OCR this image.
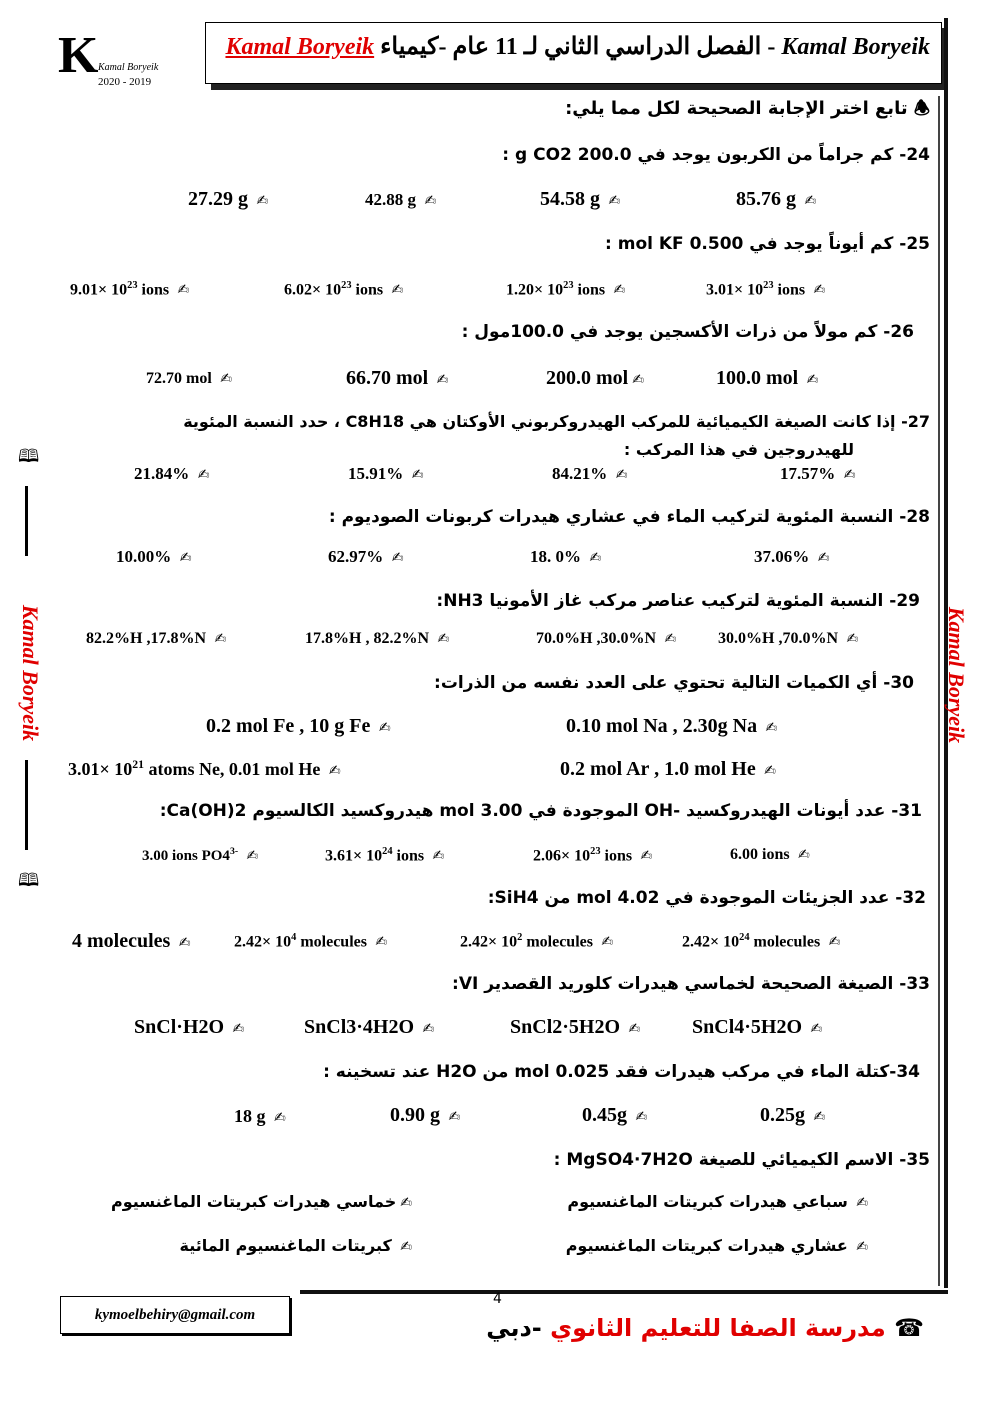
Kamal Boryeik - الفصل الدراسي الثاني لـ 11 عام -كيمياء Kamal Boryeik
K Kamal Boryeik
2020 - 2019
🕮
Kamal Boryeik
🕮
Kamal Boryeik
🕭 تابع اختر الإجابة الصحيحة لكل مما يلي:
24- كم جراماً من الكربون يوجد في 200.0 g CO2 :
85.76 g ✍
54.58 g ✍
42.88 g ✍
27.29 g ✍
25- كم أيوناً يوجد في 0.500 mol KF :
$3.01\times 10^{23}$ ions ✍
$1.20\times 10^{23}$ ions ✍
$6.02\times 10^{23}$ ions ✍
$9.01\times 10^{23}$ ions ✍
26- كم مولاً من ذرات الأكسجين يوجد في 100.0مول :
100.0 mol ✍
200.0 mol ✍
66.70 mol ✍
72.70 mol ✍
27- إذا كانت الصيغة الكيميائية للمركب الهيدروكربوني الأوكتان هي C8H18 ، حدد النسبة المئوية
للهيدروجين في هذا المركب :
17.57% ✍
84.21% ✍
15.91% ✍
21.84% ✍
28- النسبة المئوية لتركيب الماء في عشاري هيدرات كربونات الصوديوم :
37.06% ✍
18. 0% ✍
62.97% ✍
10.00% ✍
29- النسبة المئوية لتركيب عناصر مركب غاز الأمونيا NH3:
30.0%H ,70.0%N ✍
70.0%H ,30.0%N ✍
17.8%H , 82.2%N ✍
82.2%H ,17.8%N ✍
30- أي الكميات التالية تحتوي على العدد نفسه من الذرات:
0.10 mol Na , 2.30g Na ✍
0.2 mol Fe , 10 g Fe ✍
0.2 mol Ar , 1.0 mol He ✍
$3.01\times 10^{21}$ atoms Ne, 0.01 mol He ✍
31- عدد أيونات الهيدروكسيد -OH الموجودة في 3.00 mol هيدروكسيد الكالسيوم Ca(OH)2:
6.00 ions ✍
$2.06\times 10^{23}$ ions ✍
$3.61\times 10^{24}$ ions ✍
3.00 ions $PO4^{3-}$ ✍
32- عدد الجزيئات الموجودة في 4.02 mol من SiH4:
$2.42\times 10^{24}$ molecules ✍
$2.42\times 10^2$ molecules ✍
$2.42\times 10^4$ molecules ✍
4 molecules ✍
33- الصيغة الصحيحة لخماسي هيدرات كلوريد القصدير VI:
SnCl4·5H2O ✍
SnCl2·5H2O ✍
SnCl3·4H2O ✍
SnCl·H2O ✍
34-كتلة الماء في مركب هيدرات فقد 0.025 mol من H2O عند تسخينه :
0.25g ✍
0.45g ✍
0.90 g ✍
18 g ✍
35- الاسم الكيميائي للصيغة MgSO4·7H2O :
✍ سباعي هيدرات كبريتات الماغنسيوم
✍خماسي هيدرات كبريتات الماغنسيوم
✍ عشاري هيدرات كبريتات الماغنسيوم
✍ كبريتات الماغنسيوم المائية
4
kymoelbehiry@gmail.com	☎ مدرسة الصفا للتعليم الثانوي -دبي
